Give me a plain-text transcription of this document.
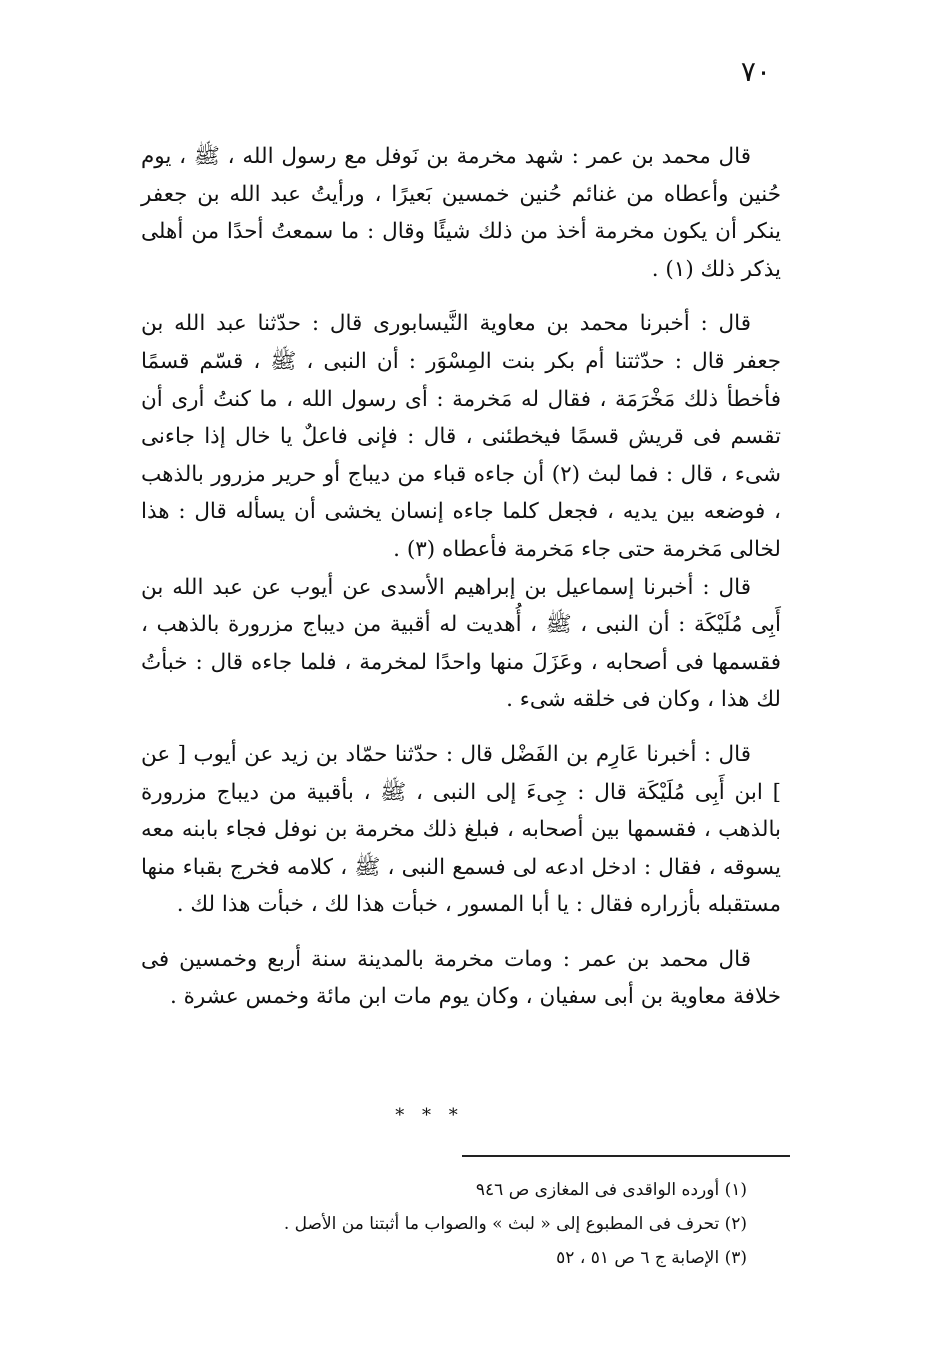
٧٠

قال محمد بن عمر : شهد مخرمة بن نَوفل مع رسول الله ، ﷺ ، يوم حُنين وأعطاه من غنائم حُنين خمسين بَعيرًا ، ورأيتُ عبد الله بن جعفر ينكر أن يكون مخرمة أخذ من ذلك شيئًا وقال : ما سمعتُ أحدًا من أهلى يذكر ذلك (١) .

قال : أخبرنا محمد بن معاوية النَّيسابورى قال : حدّثنا عبد الله بن جعفر قال : حدّثتنا أم بكر بنت المِسْوَر : أن النبى ، ﷺ ، قسّم قسمًا فأخطأ ذلك مَخْرَمَة ، فقال له مَخرمة : أى رسول الله ، ما كنتُ أرى أن تقسم فى قريش قسمًا فيخطئنى ، قال : فإنى فاعلٌ يا خال إذا جاءنى شىء ، قال : فما لبث (٢) أن جاءه قباء من ديباج أو حرير مزرور بالذهب ، فوضعه بين يديه ، فجعل كلما جاءه إنسان يخشى أن يسأله قال : هذا لخالى مَخرمة حتى جاء مَخرمة فأعطاه (٣) .

قال : أخبرنا إسماعيل بن إبراهيم الأسدى عن أيوب عن عبد الله بن أَبِى مُلَيْكَة : أن النبى ، ﷺ ، أُهديت له أقبية من ديباج مزرورة بالذهب ، فقسمها فى أصحابه ، وعَزَلَ منها واحدًا لمخرمة ، فلما جاءه قال : خبأتُ لك هذا ، وكان فى خلقه شىء .

قال : أخبرنا عَارِم بن الفَضْل قال : حدّثنا حمّاد بن زيد عن أيوب [ عن ] ابن أَبِى مُلَيْكَة قال : جِىءَ إلى النبى ، ﷺ ، بأقبية من ديباج مزرورة بالذهب ، فقسمها بين أصحابه ، فبلغ ذلك مخرمة بن نوفل فجاء بابنه معه يسوقه ، فقال : ادخل ادعه لى فسمع النبى ، ﷺ ، كلامه فخرج بقباء منها مستقبله بأزراره فقال : يا أبا المسور ، خبأت هذا لك ، خبأت هذا لك .

قال محمد بن عمر : ومات مخرمة بالمدينة سنة أربع وخمسين فى خلافة معاوية بن أبى سفيان ، وكان يوم مات ابن مائة وخمس عشرة .

* * *

(١) أورده الواقدى فى المغازى ص ٩٤٦

(٢) تحرف فى المطبوع إلى « لبث » والصواب ما أثبتنا من الأصل .

(٣) الإصابة ج ٦ ص ٥١ ، ٥٢
